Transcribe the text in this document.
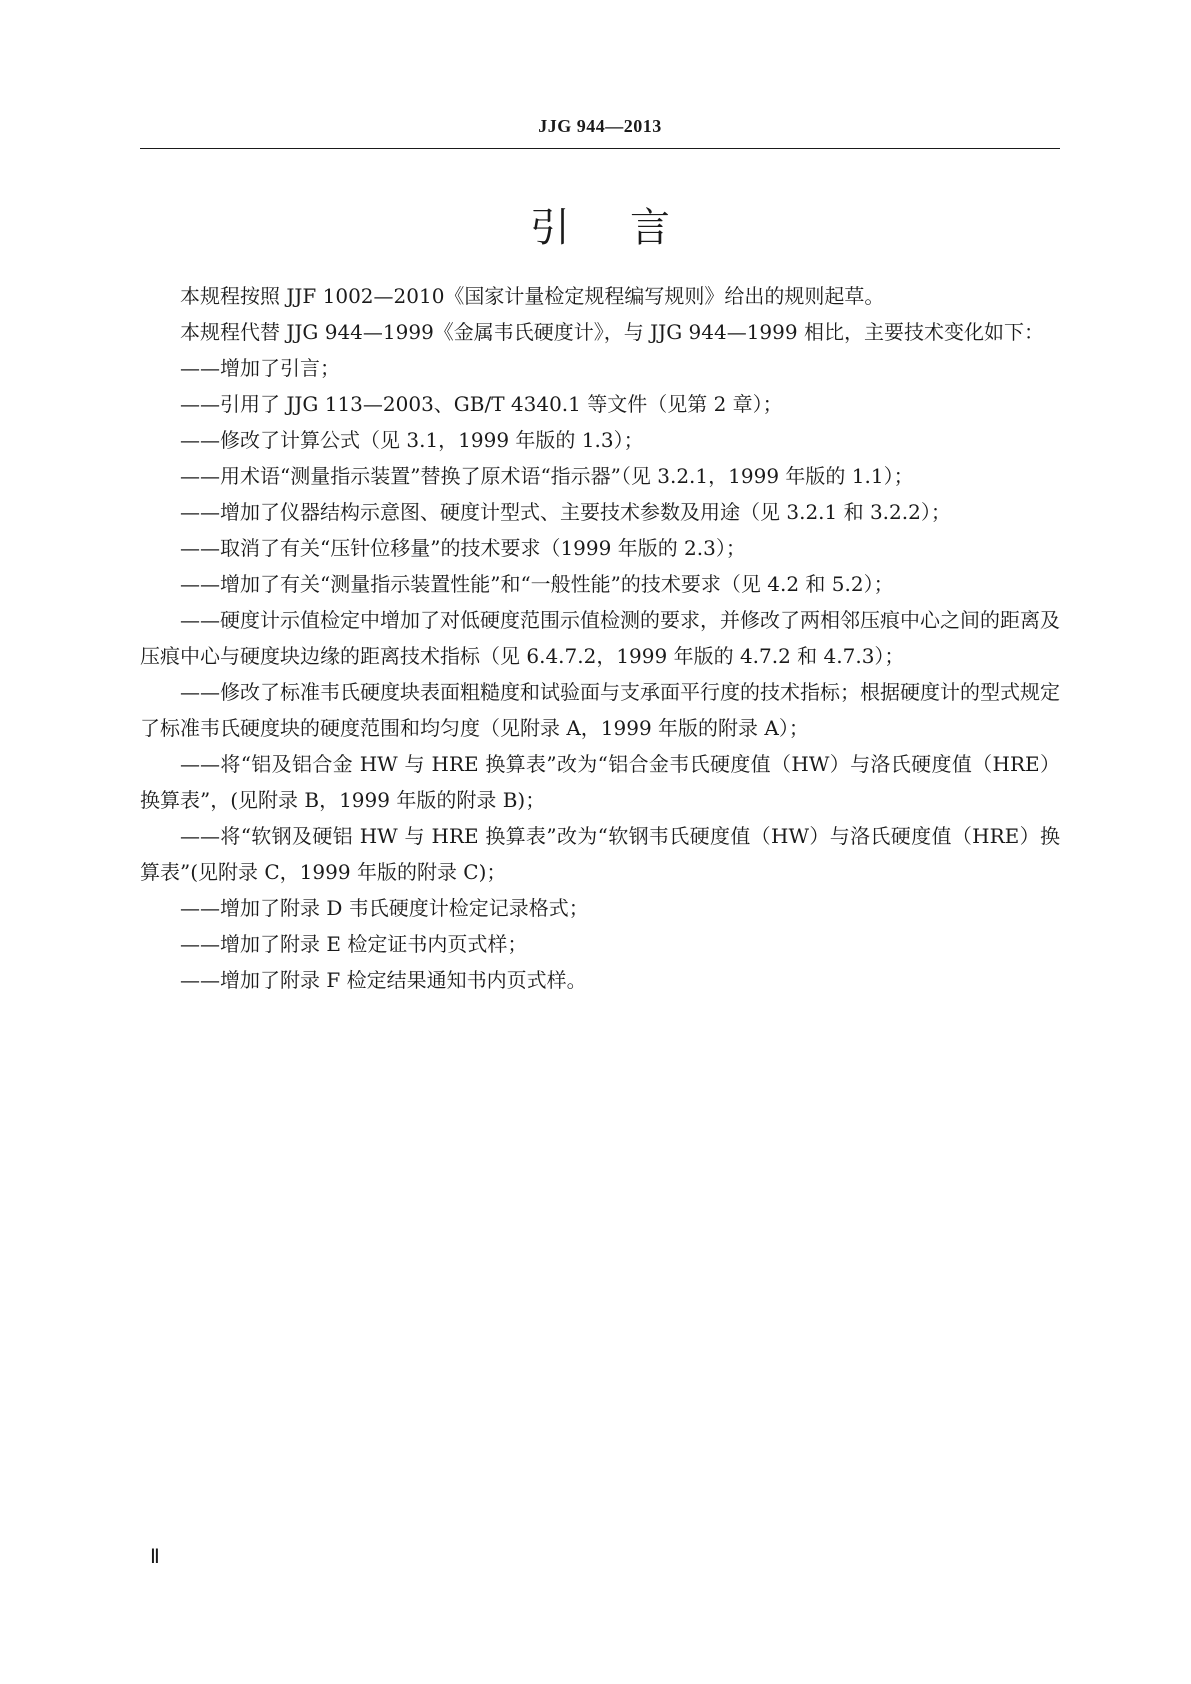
JJG 944—2013
引言

本规程按照 JJF 1002—2010《国家计量检定规程编写规则》给出的规则起草。

本规程代替 JJG 944—1999《金属韦氏硬度计》，与 JJG 944—1999 相比，主要技术变化如下：

——增加了引言；

——引用了 JJG 113—2003、GB/T 4340.1 等文件（见第 2 章）；

——修改了计算公式（见 3.1，1999 年版的 1.3）；

——用术语“测量指示装置”替换了原术语“指示器”（见 3.2.1，1999 年版的 1.1）；

——增加了仪器结构示意图、硬度计型式、主要技术参数及用途（见 3.2.1 和 3.2.2）；

——取消了有关“压针位移量”的技术要求（1999 年版的 2.3）；

——增加了有关“测量指示装置性能”和“一般性能”的技术要求（见 4.2 和 5.2）；

——硬度计示值检定中增加了对低硬度范围示值检测的要求，并修改了两相邻压痕中心之间的距离及压痕中心与硬度块边缘的距离技术指标（见 6.4.7.2，1999 年版的 4.7.2 和 4.7.3）；

——修改了标准韦氏硬度块表面粗糙度和试验面与支承面平行度的技术指标；根据硬度计的型式规定了标准韦氏硬度块的硬度范围和均匀度（见附录 A，1999 年版的附录 A）；

——将“铝及铝合金 HW 与 HRE 换算表”改为“铝合金韦氏硬度值（HW）与洛氏硬度值（HRE）换算表”，(见附录 B，1999 年版的附录 B)；

——将“软钢及硬铝 HW 与 HRE 换算表”改为“软钢韦氏硬度值（HW）与洛氏硬度值（HRE）换算表”(见附录 C，1999 年版的附录 C)；

——增加了附录 D 韦氏硬度计检定记录格式；

——增加了附录 E 检定证书内页式样；

——增加了附录 F 检定结果通知书内页式样。

Ⅱ
